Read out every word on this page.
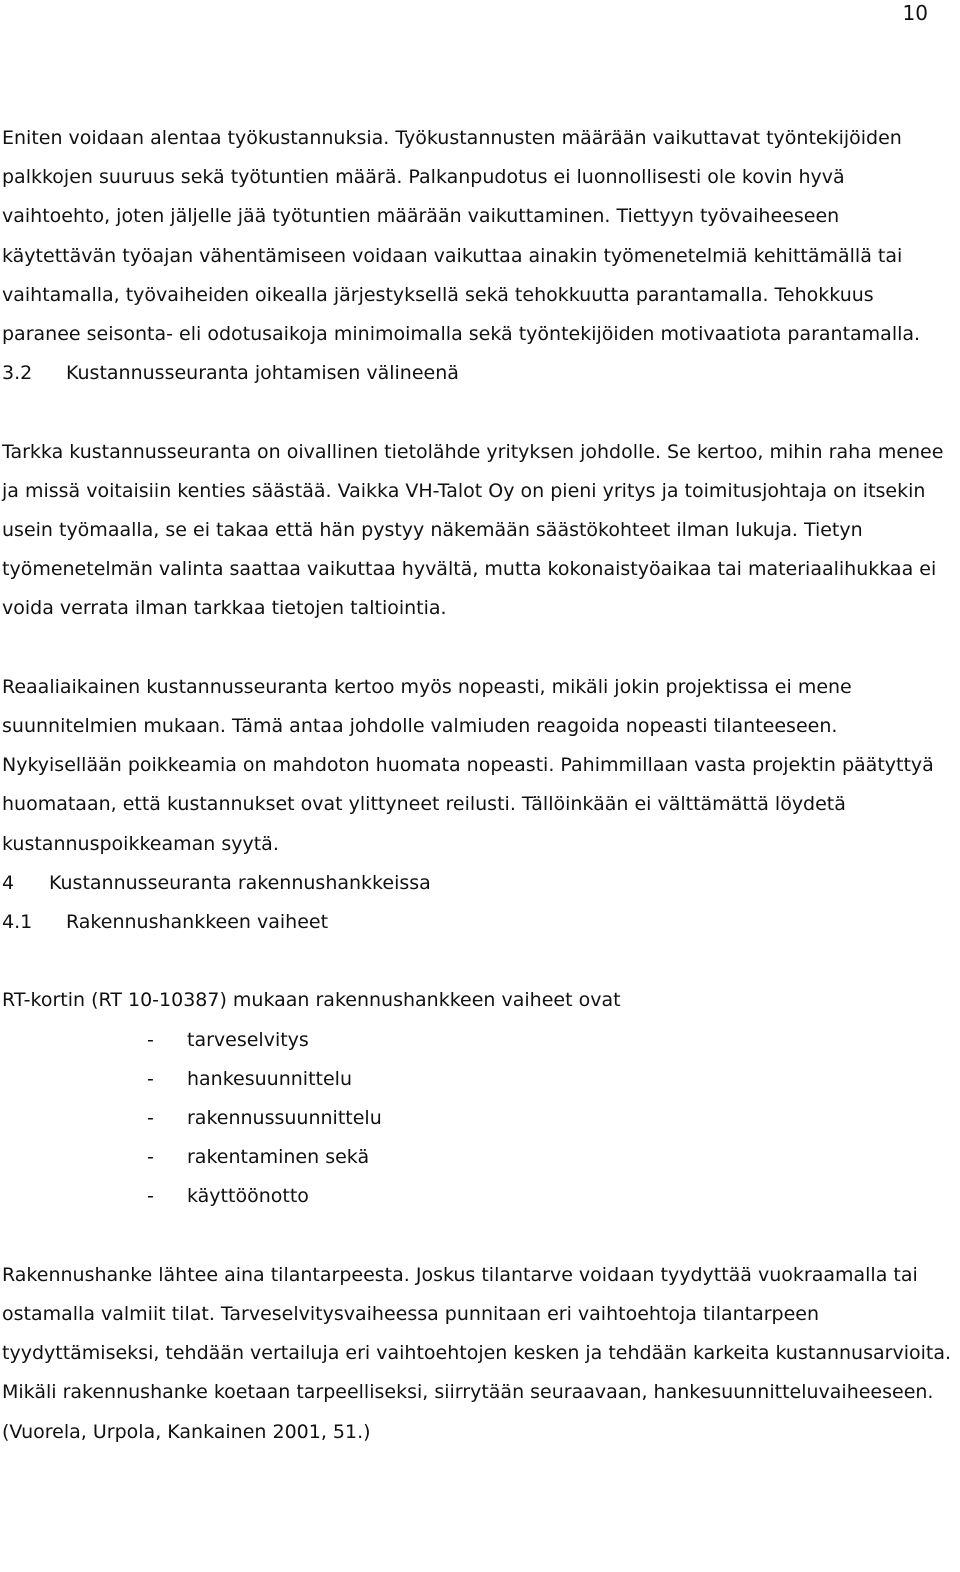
10

Eniten voidaan alentaa työkustannuksia. Työkustannusten määrään vaikuttavat työntekijöiden palkkojen suuruus sekä työtuntien määrä. Palkanpudotus ei luonnollisesti ole kovin hyvä vaihtoehto, joten jäljelle jää työtuntien määrään vaikuttaminen. Tiettyyn työvaiheeseen käytettävän työajan vähentämiseen voidaan vaikuttaa ainakin työmenetelmiä kehittämällä tai vaihtamalla, työvaiheiden oikealla järjestyksellä sekä tehokkuutta parantamalla. Tehokkuus paranee seisonta- eli odotusaikoja minimoimalla sekä työntekijöiden motivaatiota parantamalla.

3.2	Kustannusseuranta johtamisen välineenä

Tarkka kustannusseuranta on oivallinen tietolähde yrityksen johdolle. Se kertoo, mihin raha menee ja missä voitaisiin kenties säästää. Vaikka VH-Talot Oy on pieni yritys ja toimitusjohtaja on itsekin usein työmaalla, se ei takaa että hän pystyy näkemään säästökohteet ilman lukuja. Tietyn työmenetelmän valinta saattaa vaikuttaa hyvältä, mutta kokonaistyöaikaa tai materiaalihukkaa ei voida verrata ilman tarkkaa tietojen taltiointia.

Reaaliaikainen kustannusseuranta kertoo myös nopeasti, mikäli jokin projektissa ei mene suunnitelmien mukaan. Tämä antaa johdolle valmiuden reagoida nopeasti tilanteeseen. Nykyisellään poikkeamia on mahdoton huomata nopeasti. Pahimmillaan vasta projektin päätyttyä huomataan, että kustannukset ovat ylittyneet reilusti. Tällöinkään ei välttämättä löydetä kustannuspoikkeaman syytä.

4	Kustannusseuranta rakennushankkeissa
4.1	Rakennushankkeen vaiheet

RT-kortin (RT 10-10387) mukaan rakennushankkeen vaiheet ovat

-	tarveselvitys
-	hankesuunnittelu
-	rakennussuunnittelu
-	rakentaminen sekä
-	käyttöönotto

Rakennushanke lähtee aina tilantarpeesta. Joskus tilantarve voidaan tyydyttää vuokraamalla tai ostamalla valmiit tilat. Tarveselvitysvaiheessa punnitaan eri vaihtoehtoja tilantarpeen tyydyttämiseksi, tehdään vertailuja eri vaihtoehtojen kesken ja tehdään karkeita kustannusarvioita. Mikäli rakennushanke koetaan tarpeelliseksi, siirrytään seuraavaan, hankesuunnitteluvaiheeseen. (Vuorela, Urpola, Kankainen 2001, 51.)
